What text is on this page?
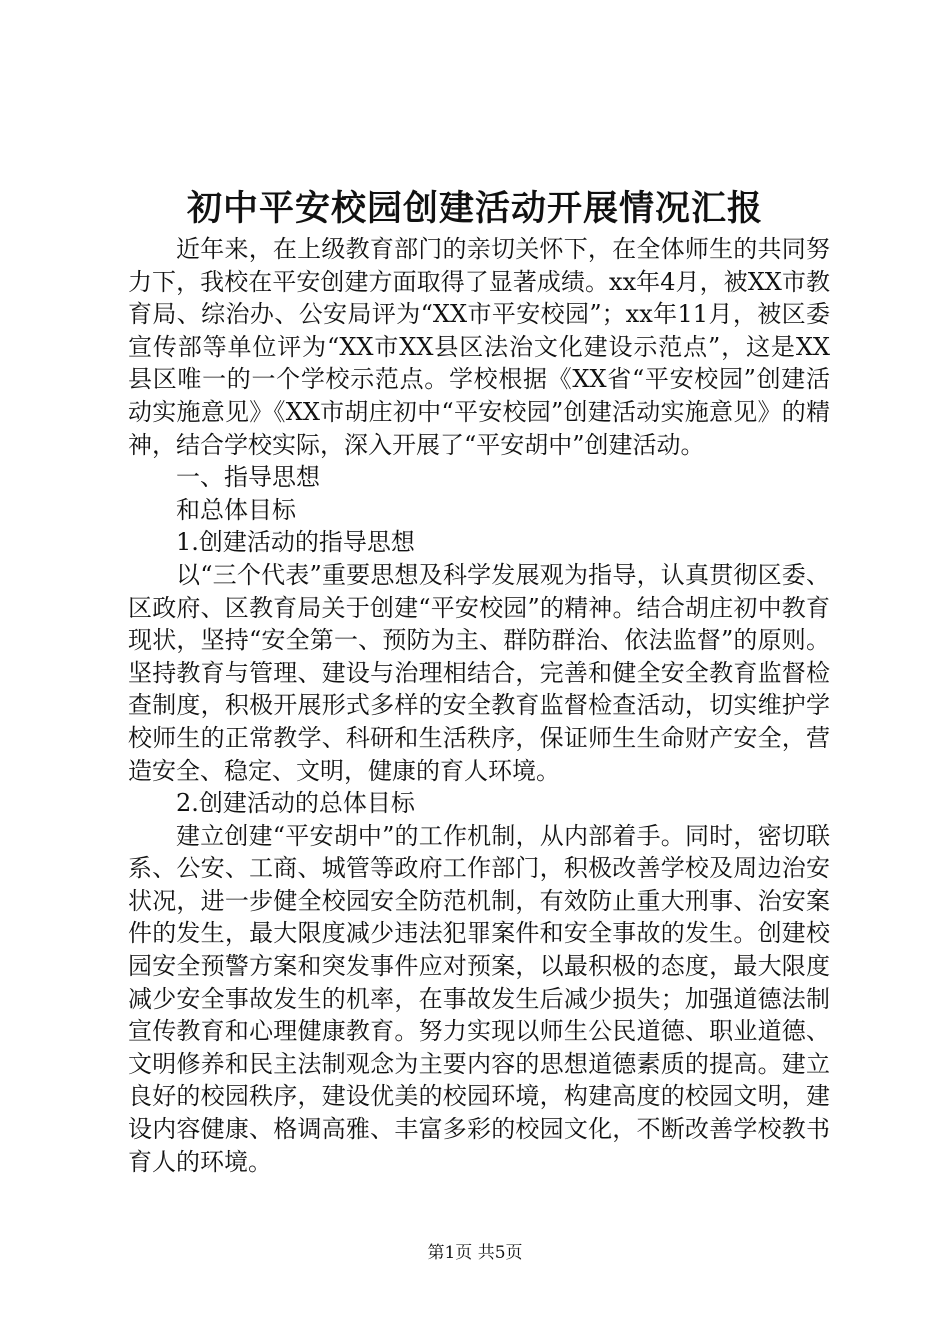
初中平安校园创建活动开展情况汇报

近年来，在上级教育部门的亲切关怀下，在全体师生的共同努力下，我校在平安创建方面取得了显著成绩。xx年4月，被XX市教育局、综治办、公安局评为“XX市平安校园”；xx年11月，被区委宣传部等单位评为“XX市XX县区法治文化建设示范点”，这是XX县区唯一的一个学校示范点。学校根据《XX省“平安校园”创建活动实施意见》《XX市胡庄初中“平安校园”创建活动实施意见》的精神，结合学校实际，深入开展了“平安胡中”创建活动。

一、指导思想

和总体目标

1.创建活动的指导思想

以“三个代表”重要思想及科学发展观为指导，认真贯彻区委、区政府、区教育局关于创建“平安校园”的精神。结合胡庄初中教育现状，坚持“安全第一、预防为主、群防群治、依法监督”的原则。坚持教育与管理、建设与治理相结合，完善和健全安全教育监督检查制度，积极开展形式多样的安全教育监督检查活动，切实维护学校师生的正常教学、科研和生活秩序，保证师生生命财产安全，营造安全、稳定、文明，健康的育人环境。

2.创建活动的总体目标

建立创建“平安胡中”的工作机制，从内部着手。同时，密切联系、公安、工商、城管等政府工作部门，积极改善学校及周边治安状况，进一步健全校园安全防范机制，有效防止重大刑事、治安案件的发生，最大限度减少违法犯罪案件和安全事故的发生。创建校园安全预警方案和突发事件应对预案，以最积极的态度，最大限度减少安全事故发生的机率，在事故发生后减少损失；加强道德法制宣传教育和心理健康教育。努力实现以师生公民道德、职业道德、文明修养和民主法制观念为主要内容的思想道德素质的提高。建立良好的校园秩序，建设优美的校园环境，构建高度的校园文明，建设内容健康、格调高雅、丰富多彩的校园文化，不断改善学校教书育人的环境。

第1页 共5页
